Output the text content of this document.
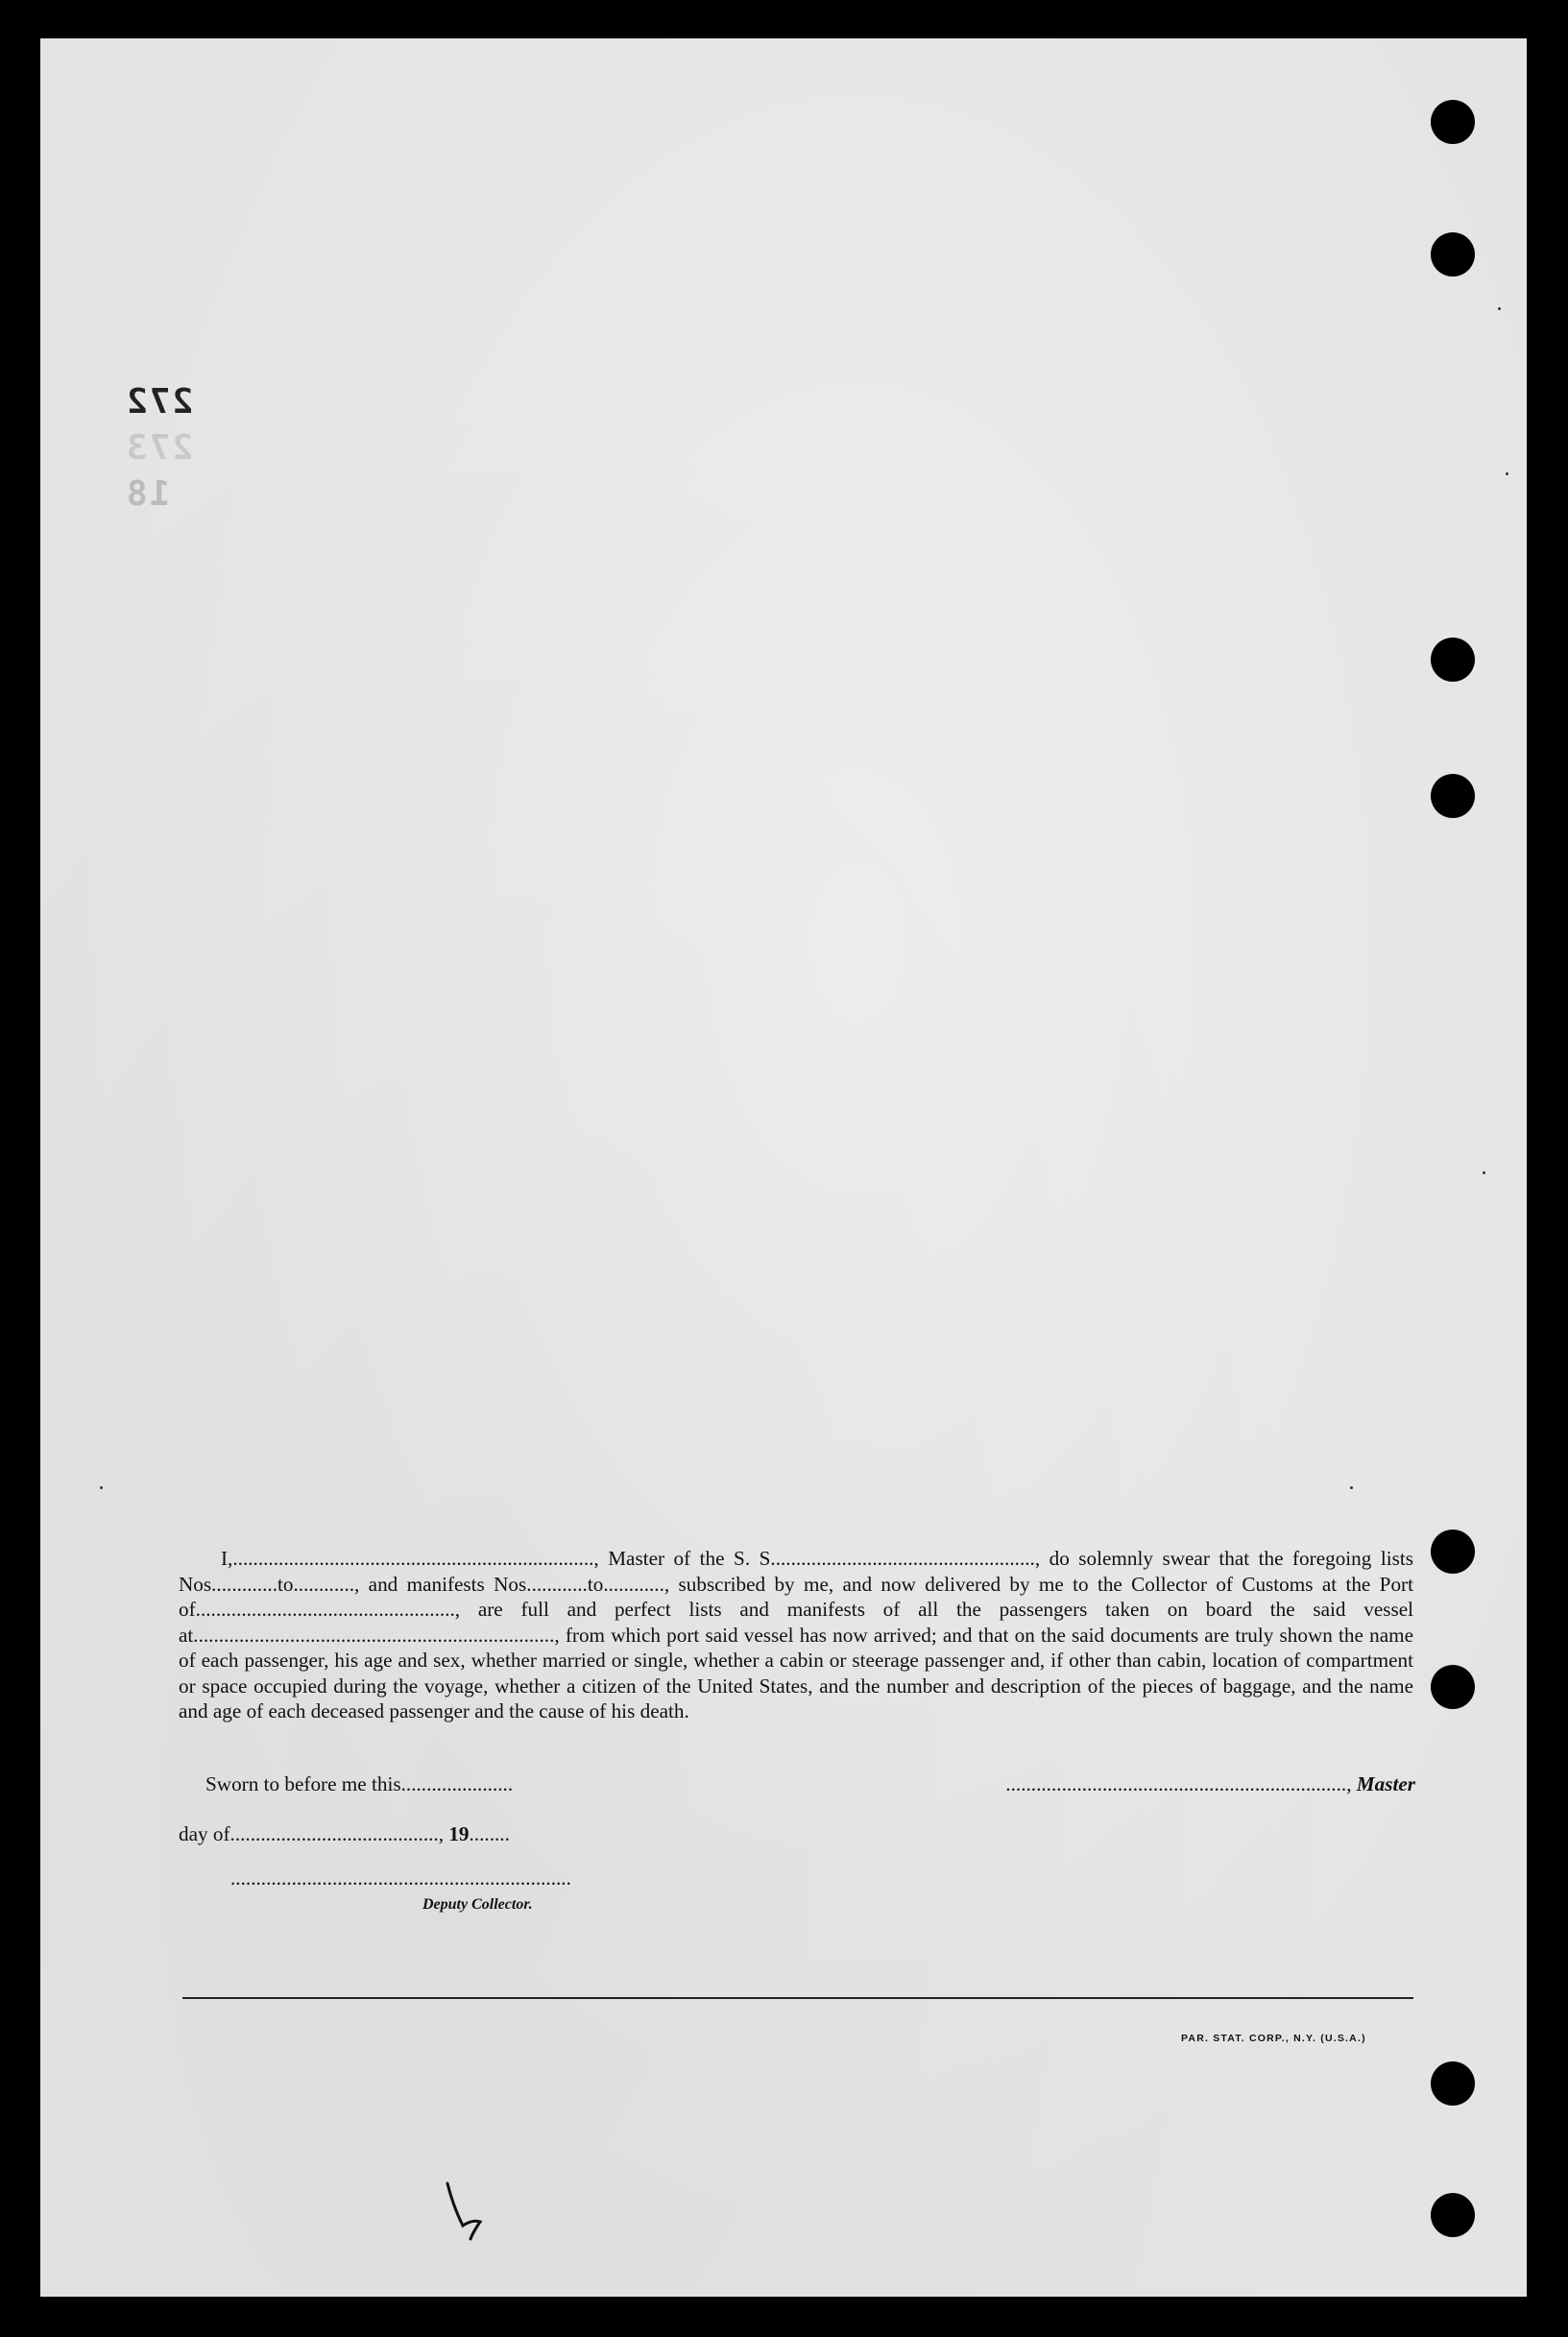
272
273
18

I,......................................................................., Master of the S. S...................................................., do solemnly swear that the foregoing lists Nos.............to............, and manifests Nos............to............, subscribed by me, and now delivered by me to the Collector of Customs at the Port of..................................................., are full and perfect lists and manifests of all the passengers taken on board the said vessel at......................................................................., from which port said vessel has now arrived; and that on the said documents are truly shown the name of each passenger, his age and sex, whether married or single, whether a cabin or steerage passenger and, if other than cabin, location of compartment or space occupied during the voyage, whether a citizen of the United States, and the number and description of the pieces of baggage, and the name and age of each deceased passenger and the cause of his death.

Sworn to before me this......................	..................................................................., Master
day of........................................., 19........
...................................................................
Deputy Collector.
PAR. STAT. CORP., N.Y. (U.S.A.)
